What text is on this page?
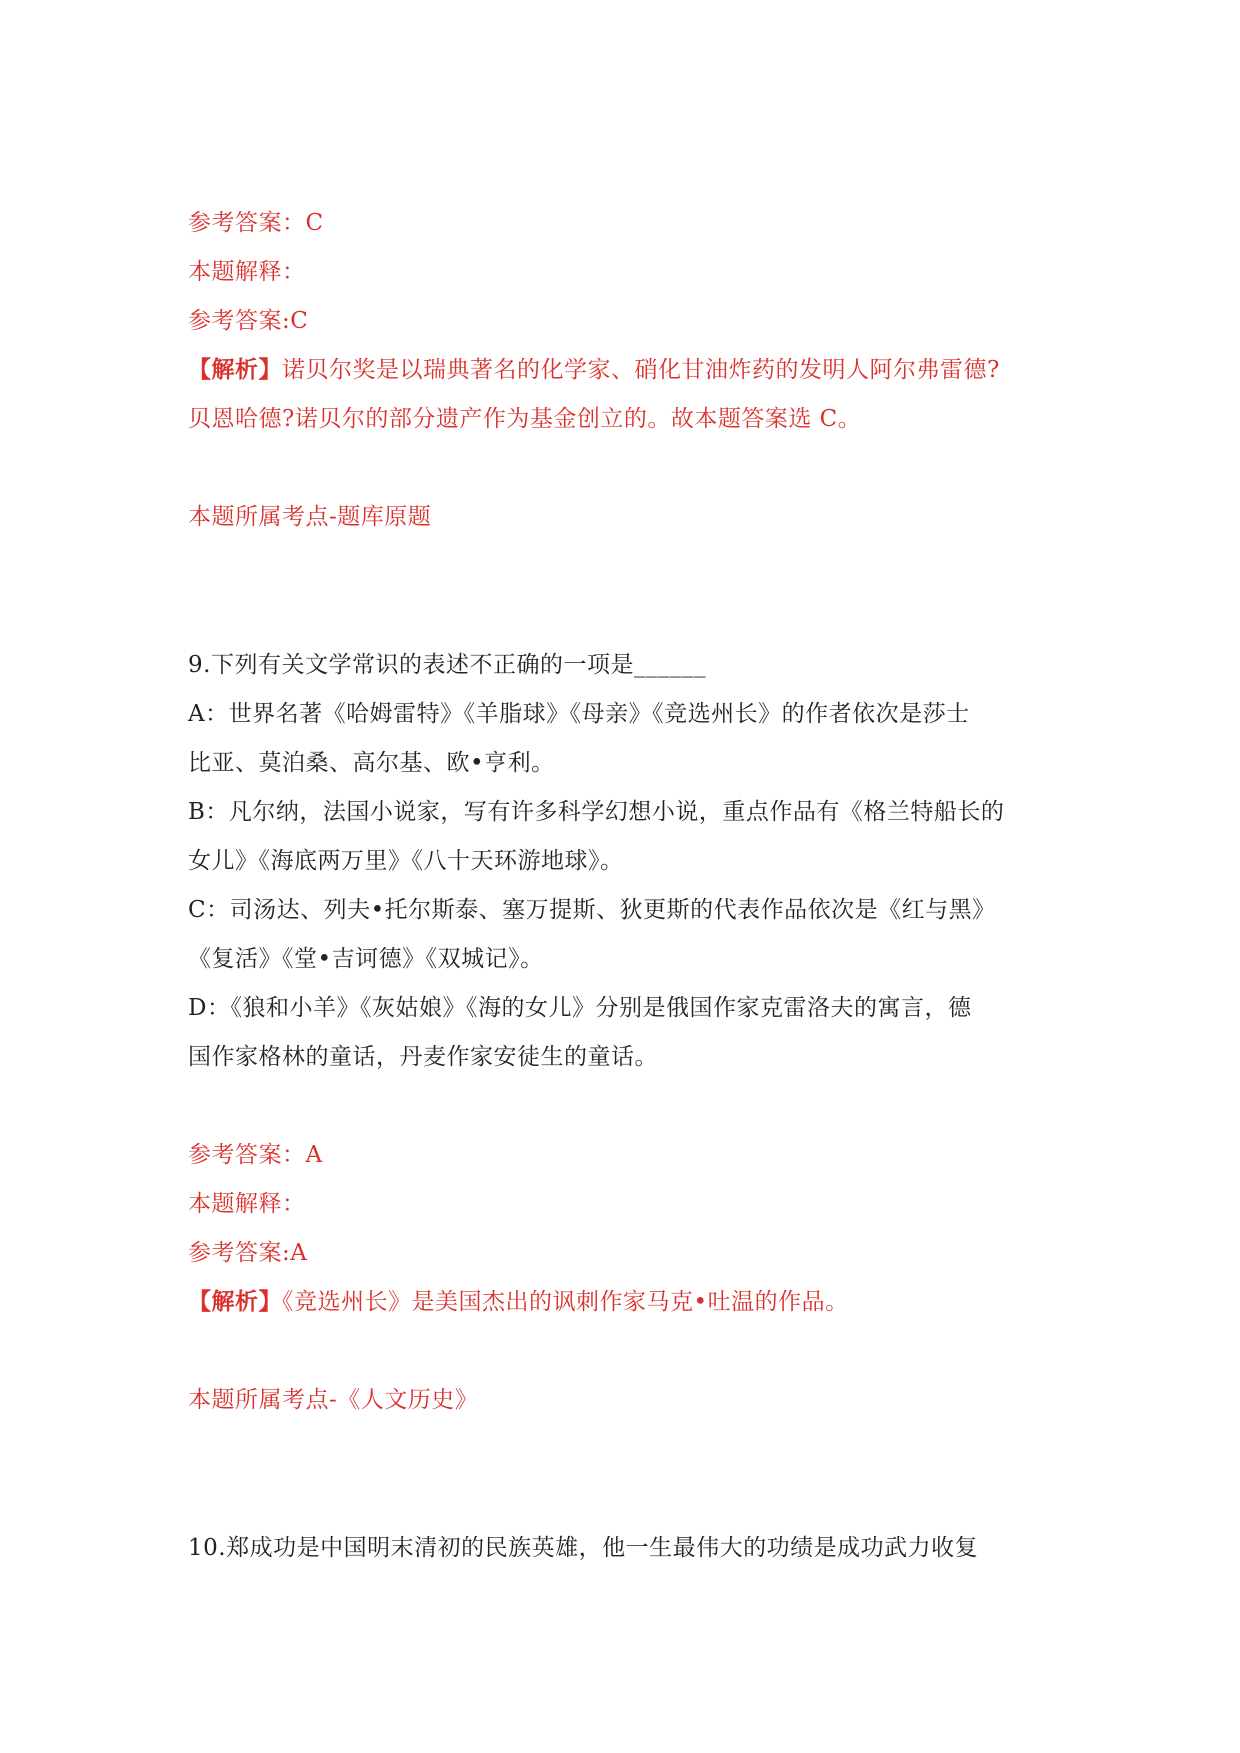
参考答案：C
本题解释：
参考答案:C
【解析】诺贝尔奖是以瑞典著名的化学家、硝化甘油炸药的发明人阿尔弗雷德?
贝恩哈德?诺贝尔的部分遗产作为基金创立的。故本题答案选 C。
本题所属考点-题库原题
9.下列有关文学常识的表述不正确的一项是______
A：世界名著《哈姆雷特》《羊脂球》《母亲》《竞选州长》的作者依次是莎士
比亚、莫泊桑、高尔基、欧•亨利。
B：凡尔纳，法国小说家，写有许多科学幻想小说，重点作品有《格兰特船长的
女儿》《海底两万里》《八十天环游地球》。
C：司汤达、列夫•托尔斯泰、塞万提斯、狄更斯的代表作品依次是《红与黑》
《复活》《堂•吉诃德》《双城记》。
D：《狼和小羊》《灰姑娘》《海的女儿》分别是俄国作家克雷洛夫的寓言，德
国作家格林的童话，丹麦作家安徒生的童话。
参考答案：A
本题解释：
参考答案:A
【解析】《竞选州长》是美国杰出的讽刺作家马克•吐温的作品。
本题所属考点-《人文历史》
10.郑成功是中国明末清初的民族英雄，他一生最伟大的功绩是成功武力收复
